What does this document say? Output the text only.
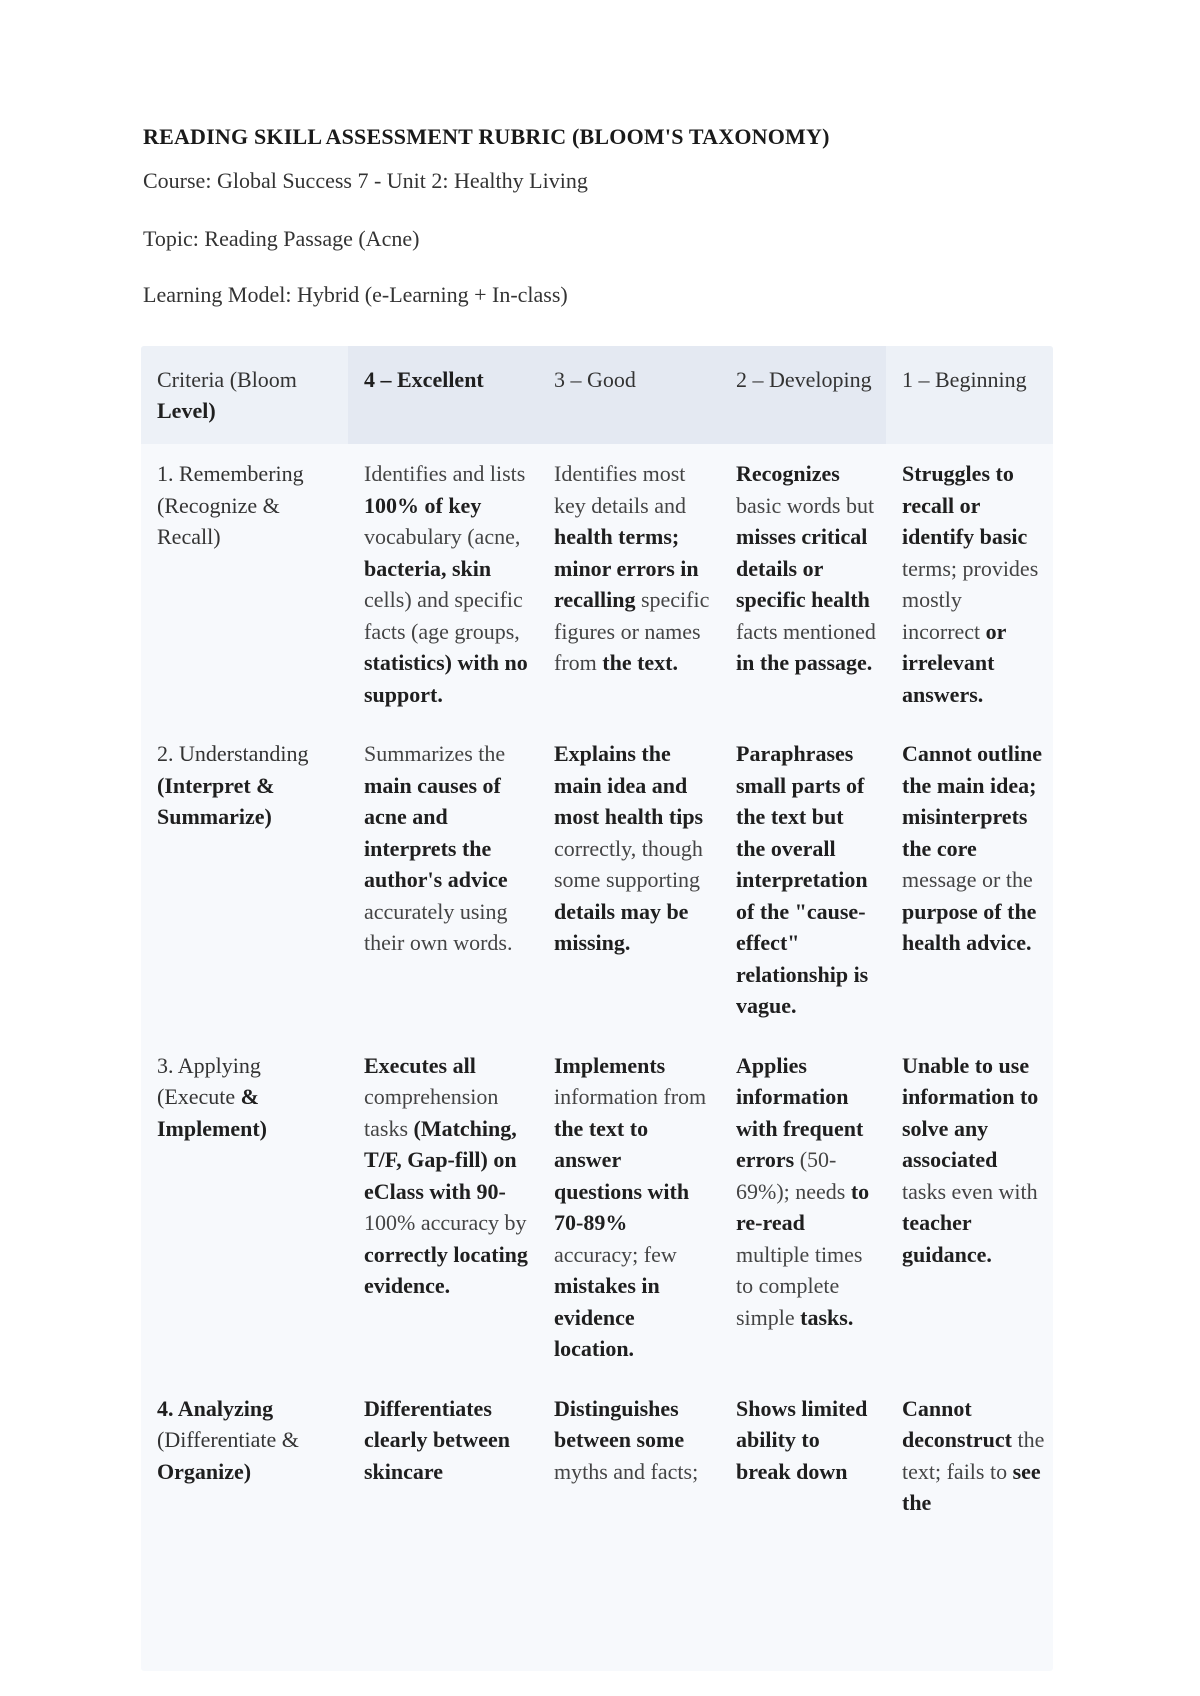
READING SKILL ASSESSMENT RUBRIC (BLOOM'S TAXONOMY)
Course: Global Success 7 - Unit 2: Healthy Living
Topic: Reading Passage (Acne)
Learning Model: Hybrid (e-Learning + In-class)
Criteria (Bloom Level)	4 – Excellent	3 – Good	2 – Developing	1 – Beginning
1. Remembering (Recognize & Recall)	Identifies and lists 100% of key vocabulary (acne, bacteria, skin cells) and specific facts (age groups, statistics) with no support.	Identifies most key details and health terms; minor errors in recalling specific figures or names from the text.	Recognizes basic words but misses critical details or specific health facts mentioned in the passage.	Struggles to recall or identify basic terms; provides mostly incorrect or irrelevant answers.
2. Understanding (Interpret & Summarize)	Summarizes the main causes of acne and interprets the author's advice accurately using their own words.	Explains the main idea and most health tips correctly, though some supporting details may be missing.	Paraphrases small parts of the text but the overall interpretation of the "cause-effect" relationship is vague.	Cannot outline the main idea; misinterprets the core message or the purpose of the health advice.
3. Applying (Execute & Implement)	Executes all comprehension tasks (Matching, T/F, Gap-fill) on eClass with 90- 100% accuracy by correctly locating evidence.	Implements information from the text to answer questions with 70-89% accuracy; few mistakes in evidence location.	Applies information with frequent errors (50-69%); needs to re-read multiple times to complete simple tasks.	Unable to use information to solve any associated tasks even with teacher guidance.
4. Analyzing (Differentiate & Organize)	Differentiates clearly between skincare	Distinguishes between some myths and facts;	Shows limited ability to break down	Cannot deconstruct the text; fails to see the
